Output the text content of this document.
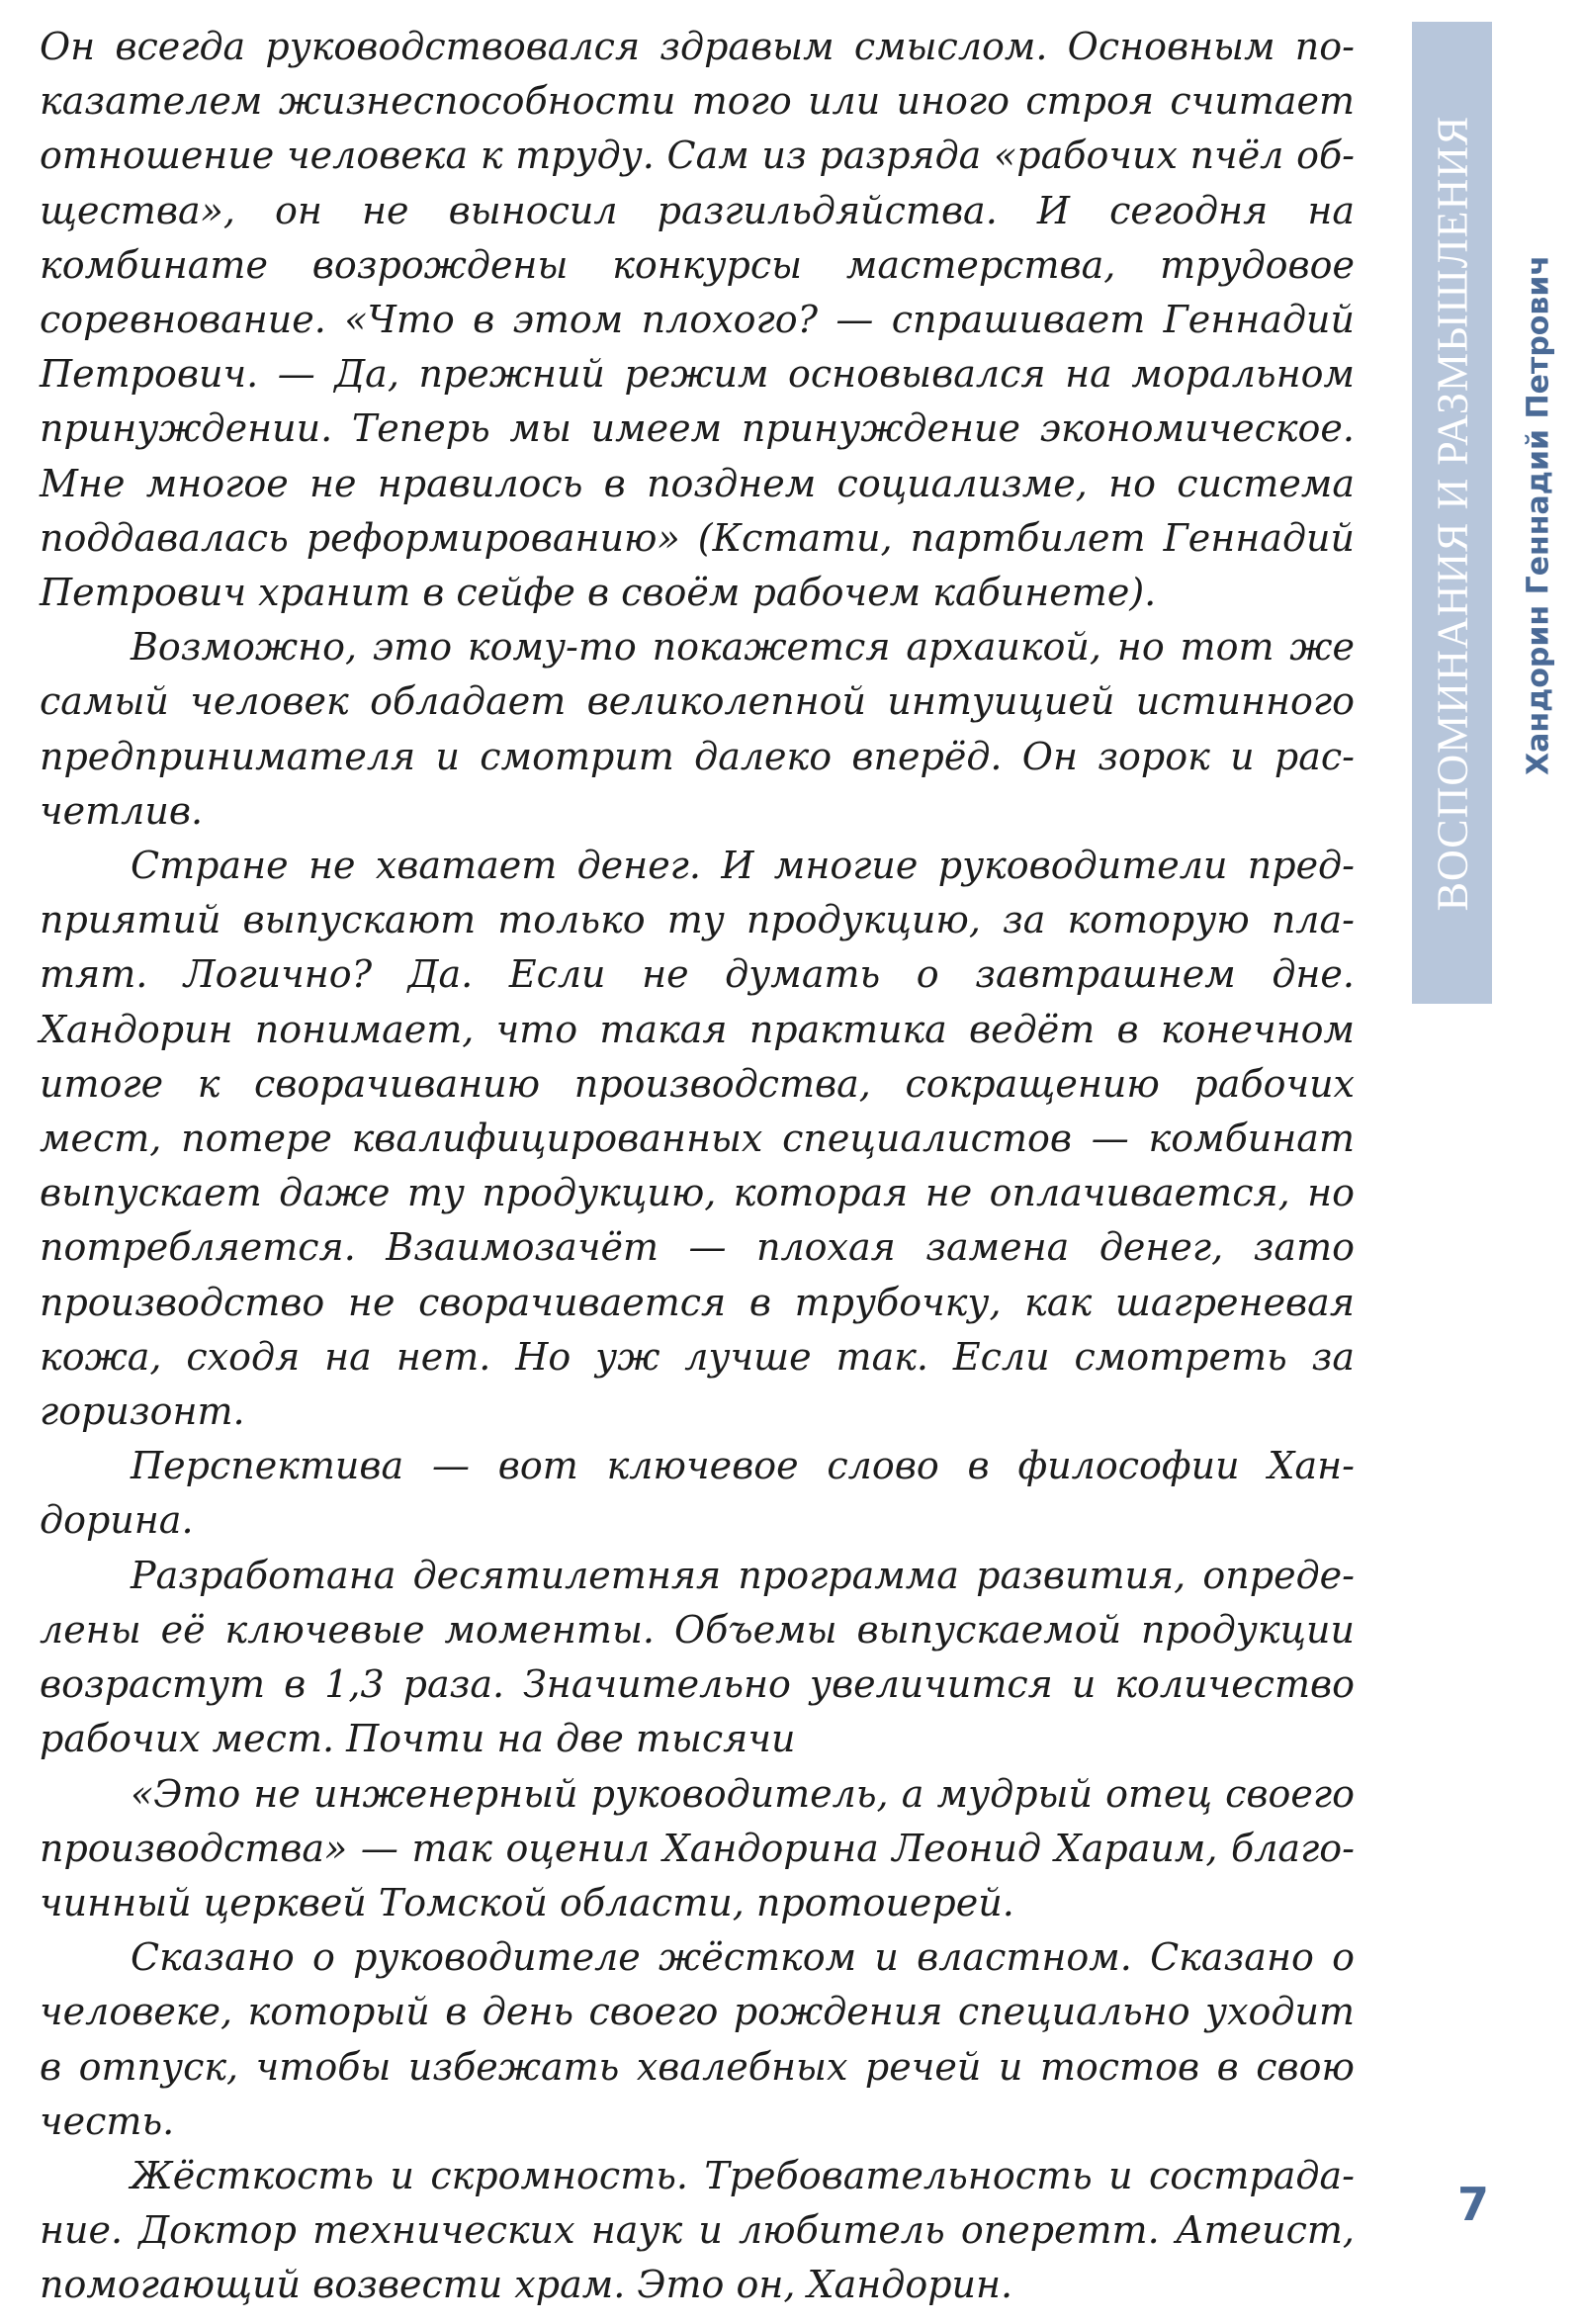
Он всегда руководствовался здравым смыслом. Основным показателем жизнеспособности того или иного строя считает отношение человека к труду. Сам из разряда «рабочих пчёл общества», он не выносил разгильдяйства. И сегодня на комбинате возрождены конкурсы мастерства, трудовое соревнование. «Что в этом плохого? — спрашивает Геннадий Петрович. — Да, прежний режим основывался на моральном принуждении. Теперь мы имеем принуждение экономическое. Мне многое не нравилось в позднем социализме, но система поддавалась реформированию» (Кстати, партбилет Геннадий Петрович хранит в сейфе в своём рабочем кабинете).

Возможно, это кому-то покажется архаикой, но тот же самый человек обладает великолепной интуицией истинного предпринимателя и смотрит далеко вперёд. Он зорок и расчетлив.

Стране не хватает денег. И многие руководители предприятий выпускают только ту продукцию, за которую платят. Логично? Да. Если не думать о завтрашнем дне. Хандорин понимает, что такая практика ведёт в конечном итоге к сворачиванию производства, сокращению рабочих мест, потере квалифицированных специалистов — комбинат выпускает даже ту продукцию, которая не оплачивается, но потребляется. Взаимозачёт — плохая замена денег, зато производство не сворачивается в трубочку, как шагреневая кожа, сходя на нет. Но уж лучше так. Если смотреть за горизонт.

Перспектива — вот ключевое слово в философии Хандорина.

Разработана десятилетняя программа развития, определены её ключевые моменты. Объемы выпускаемой продукции возрастут в 1,3 раза. Значительно увеличится и количество рабочих мест. Почти на две тысячи

«Это не инженерный руководитель, а мудрый отец своего производства» — так оценил Хандорина Леонид Хараим, благочинный церквей Томской области, протоиерей.

Сказано о руководителе жёстком и властном. Сказано о человеке, который в день своего рождения специально уходит в отпуск, чтобы избежать хвалебных речей и тостов в свою честь.

Жёсткость и скромность. Требовательность и сострадание. Доктор технических наук и любитель оперетт. Атеист, помогающий возвести храм. Это он, Хандорин.

ВОСПОМИНАНИЯ И РАЗМЫШЛЕНИЯ Хандорин Геннадий Петрович
7
